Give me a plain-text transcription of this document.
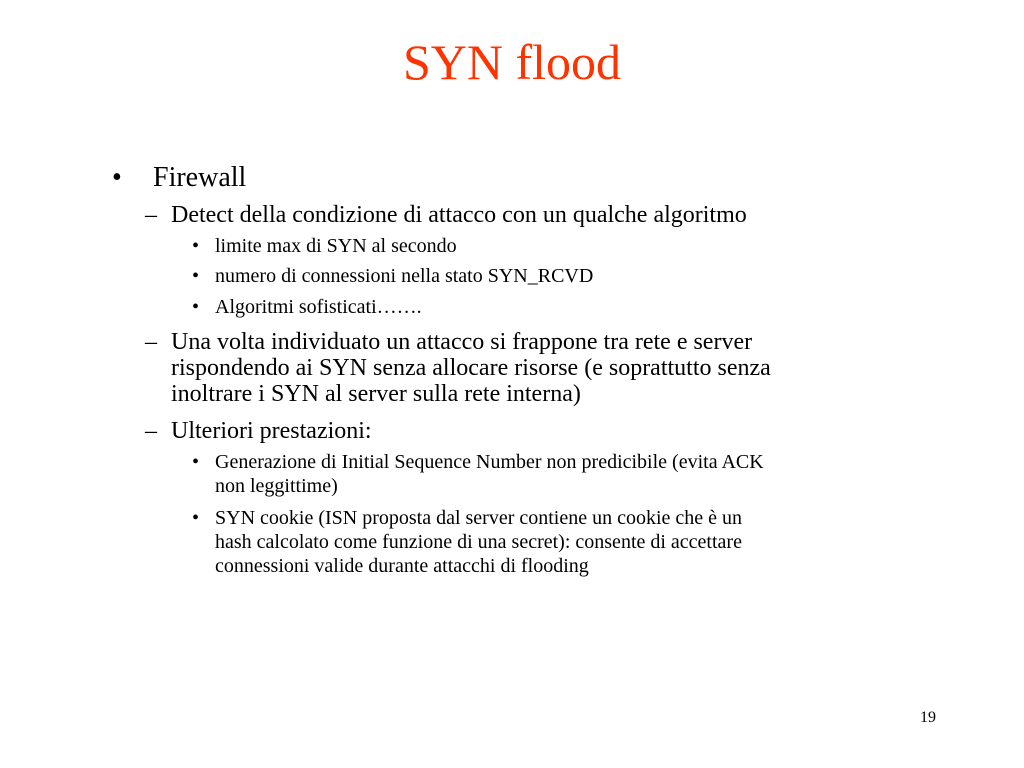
SYN flood
• Firewall
– Detect della condizione di attacco con un qualche algoritmo
• limite max di SYN al secondo
• numero di connessioni nella stato SYN_RCVD
• Algoritmi sofisticati…….
– Una volta individuato un attacco si frappone tra rete e server
rispondendo ai SYN senza allocare risorse (e soprattutto senza
inoltrare i SYN al server sulla rete interna)
– Ulteriori prestazioni:
• Generazione di Initial Sequence Number non predicibile (evita ACK
non leggittime)
• SYN cookie (ISN proposta dal server contiene un cookie che è un
hash calcolato come funzione di una secret): consente di accettare
connessioni valide durante attacchi di flooding
19
